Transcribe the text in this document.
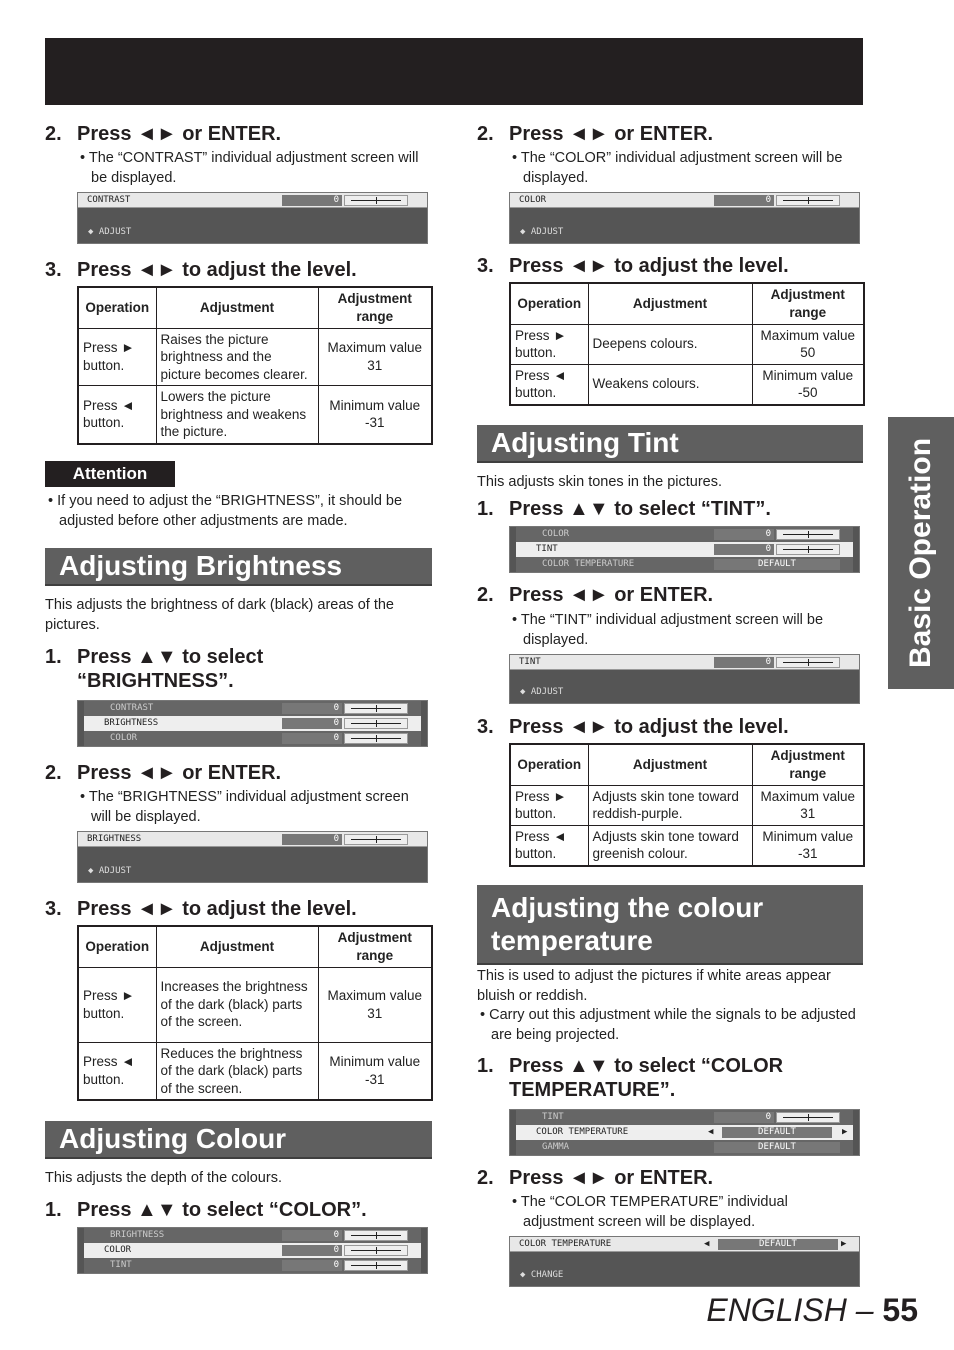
2. Press ◄► or ENTER.
• The “CONTRAST” individual adjustment screen will be displayed.
CONTRAST	0
◆ ADJUST
3. Press ◄► to adjust the level.
Operation	Adjustment	Adjustment range
Press ► button.	Raises the picture brightness and the picture becomes clearer.	Maximum value 31
Press ◄ button.	Lowers the picture brightness and weakens the picture.	Minimum value -31
Attention
• If you need to adjust the “BRIGHTNESS”, it should be adjusted before other adjustments are made.
Adjusting Brightness
This adjusts the brightness of dark (black) areas of the pictures.
1. Press ▲▼ to select “BRIGHTNESS”.
CONTRAST	0
BRIGHTNESS	0
COLOR	0
2. Press ◄► or ENTER.
• The “BRIGHTNESS” individual adjustment screen will be displayed.
BRIGHTNESS	0
◆ ADJUST
3. Press ◄► to adjust the level.
Operation	Adjustment	Adjustment range
Press ► button.	Increases the brightness of the dark (black) parts of the screen.	Maximum value 31
Press ◄ button.	Reduces the brightness of the dark (black) parts of the screen.	Minimum value -31
Adjusting Colour
This adjusts the depth of the colours.
1. Press ▲▼ to select “COLOR”.
BRIGHTNESS	0
COLOR	0
TINT	0
2. Press ◄► or ENTER.
• The “COLOR” individual adjustment screen will be displayed.
COLOR	0
◆ ADJUST
3. Press ◄► to adjust the level.
Operation	Adjustment	Adjustment range
Press ► button.	Deepens colours.	Maximum value 50
Press ◄ button.	Weakens colours.	Minimum value -50
Adjusting Tint
This adjusts skin tones in the pictures.
1. Press ▲▼ to select “TINT”.
COLOR	0
TINT	0
COLOR TEMPERATURE	DEFAULT
2. Press ◄► or ENTER.
• The “TINT” individual adjustment screen will be displayed.
TINT	0
◆ ADJUST
3. Press ◄► to adjust the level.
Operation	Adjustment	Adjustment range
Press ► button.	Adjusts skin tone toward reddish-purple.	Maximum value 31
Press ◄ button.	Adjusts skin tone toward greenish colour.	Minimum value -31
Adjusting the colour temperature
This is used to adjust the pictures if white areas appear bluish or reddish.
• Carry out this adjustment while the signals to be adjusted are being projected.
1. Press ▲▼ to select “COLOR TEMPERATURE”.
TINT	0
COLOR TEMPERATURE	◀	DEFAULT	▶
GAMMA	DEFAULT
2. Press ◄► or ENTER.
• The “COLOR TEMPERATURE” individual adjustment screen will be displayed.
COLOR TEMPERATURE	◀	DEFAULT	▶
◆ CHANGE
Basic Operation
ENGLISH – 55
